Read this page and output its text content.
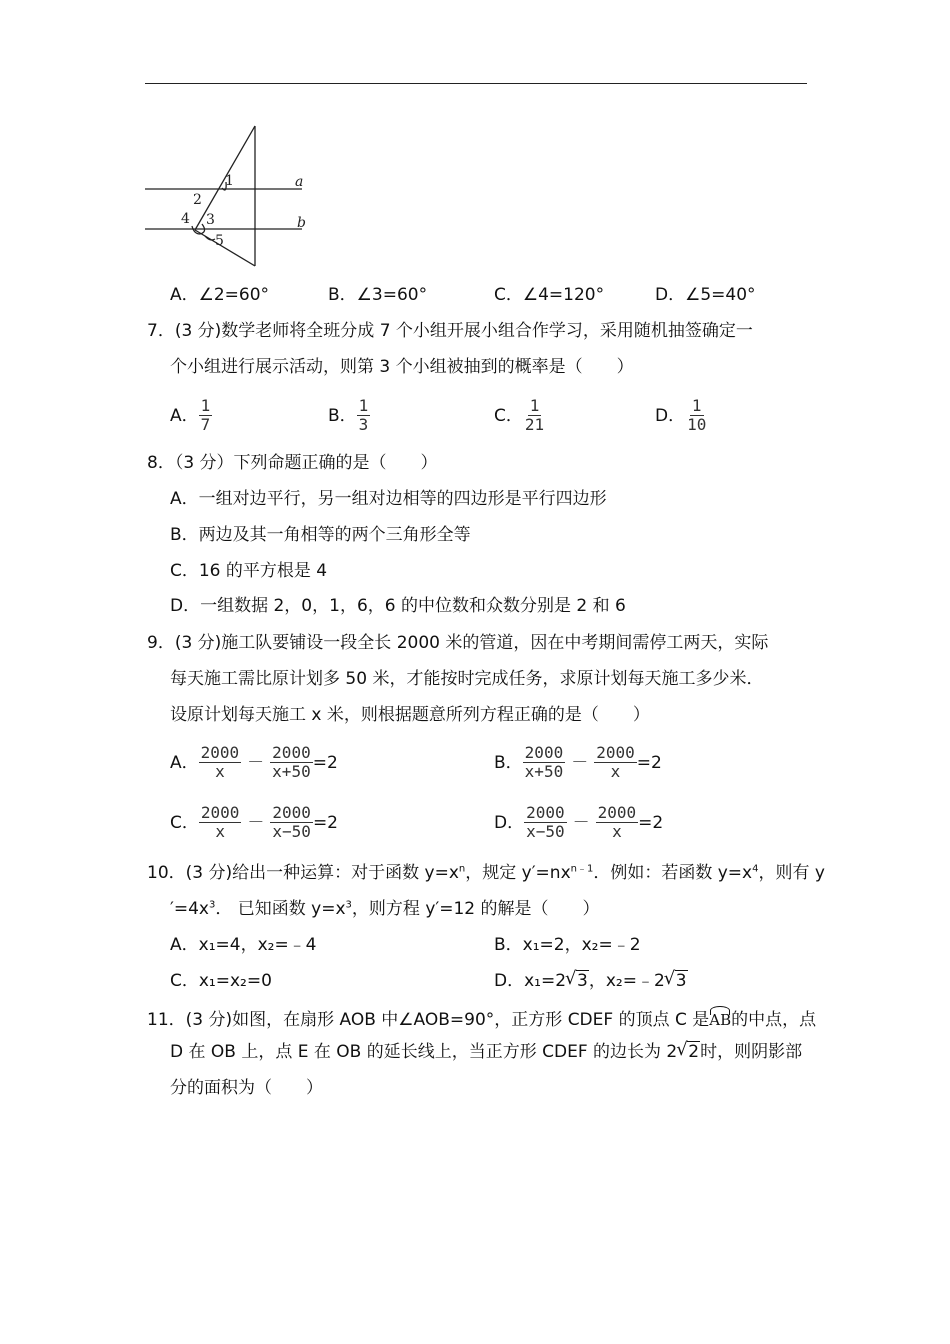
1
2
3
4
5
a
b
A．∠2=60°	B．∠3=60°	C．∠4=120°	D．∠5=40°
7．(3 分)数学老师将全班分成 7 个小组开展小组合作学习，采用随机抽签确定一
个小组进行展示活动，则第 3 个小组被抽到的概率是（　　）
A． $\frac{1}{7}$	B． $\frac{1}{3}$	C． $\frac{1}{21}$	D． $\frac{1}{10}$
8．（3 分）下列命题正确的是（　　）
A．一组对边平行，另一组对边相等的四边形是平行四边形
B．两边及其一角相等的两个三角形全等
C．16 的平方根是 4
D．一组数据 2，0，1，6，6 的中位数和众数分别是 2 和 6
9．(3 分)施工队要铺设一段全长 2000 米的管道，因在中考期间需停工两天，实际
每天施工需比原计划多 50 米，才能按时完成任务，求原计划每天施工多少米．
设原计划每天施工 x 米，则根据题意所列方程正确的是（　　）
A． $\frac{2000}{x} - \frac{2000}{x+50} =2$	B． $\frac{2000}{x+50} - \frac{2000}{x} =2$
C． $\frac{2000}{x} - \frac{2000}{x-50} =2$	D． $\frac{2000}{x-50} - \frac{2000}{x} =2$
10．(3 分)给出一种运算：对于函数 $y=x^n$，规定 $y'=nx^{n﹣1}$．例如：若函数 $y=x^4$，则有 y
$'=4x^3$． 已知函数 $y=x^3$，则方程 y′=12 的解是（　　）
A．x₁=4，x₂=﹣4	B．x₁=2，x₂=﹣2
C．x₁=x₂=0	D．x₁=2 √ 3，x₂=﹣2 √ 3
11．(3 分)如图，在扇形 AOB 中∠AOB=90°，正方形 CDEF 的顶点 C 是AB的中点，点
D 在 OB 上，点 E 在 OB 的延长线上，当正方形 CDEF 的边长为 2 √ 2时，则阴影部
分的面积为（　　）
